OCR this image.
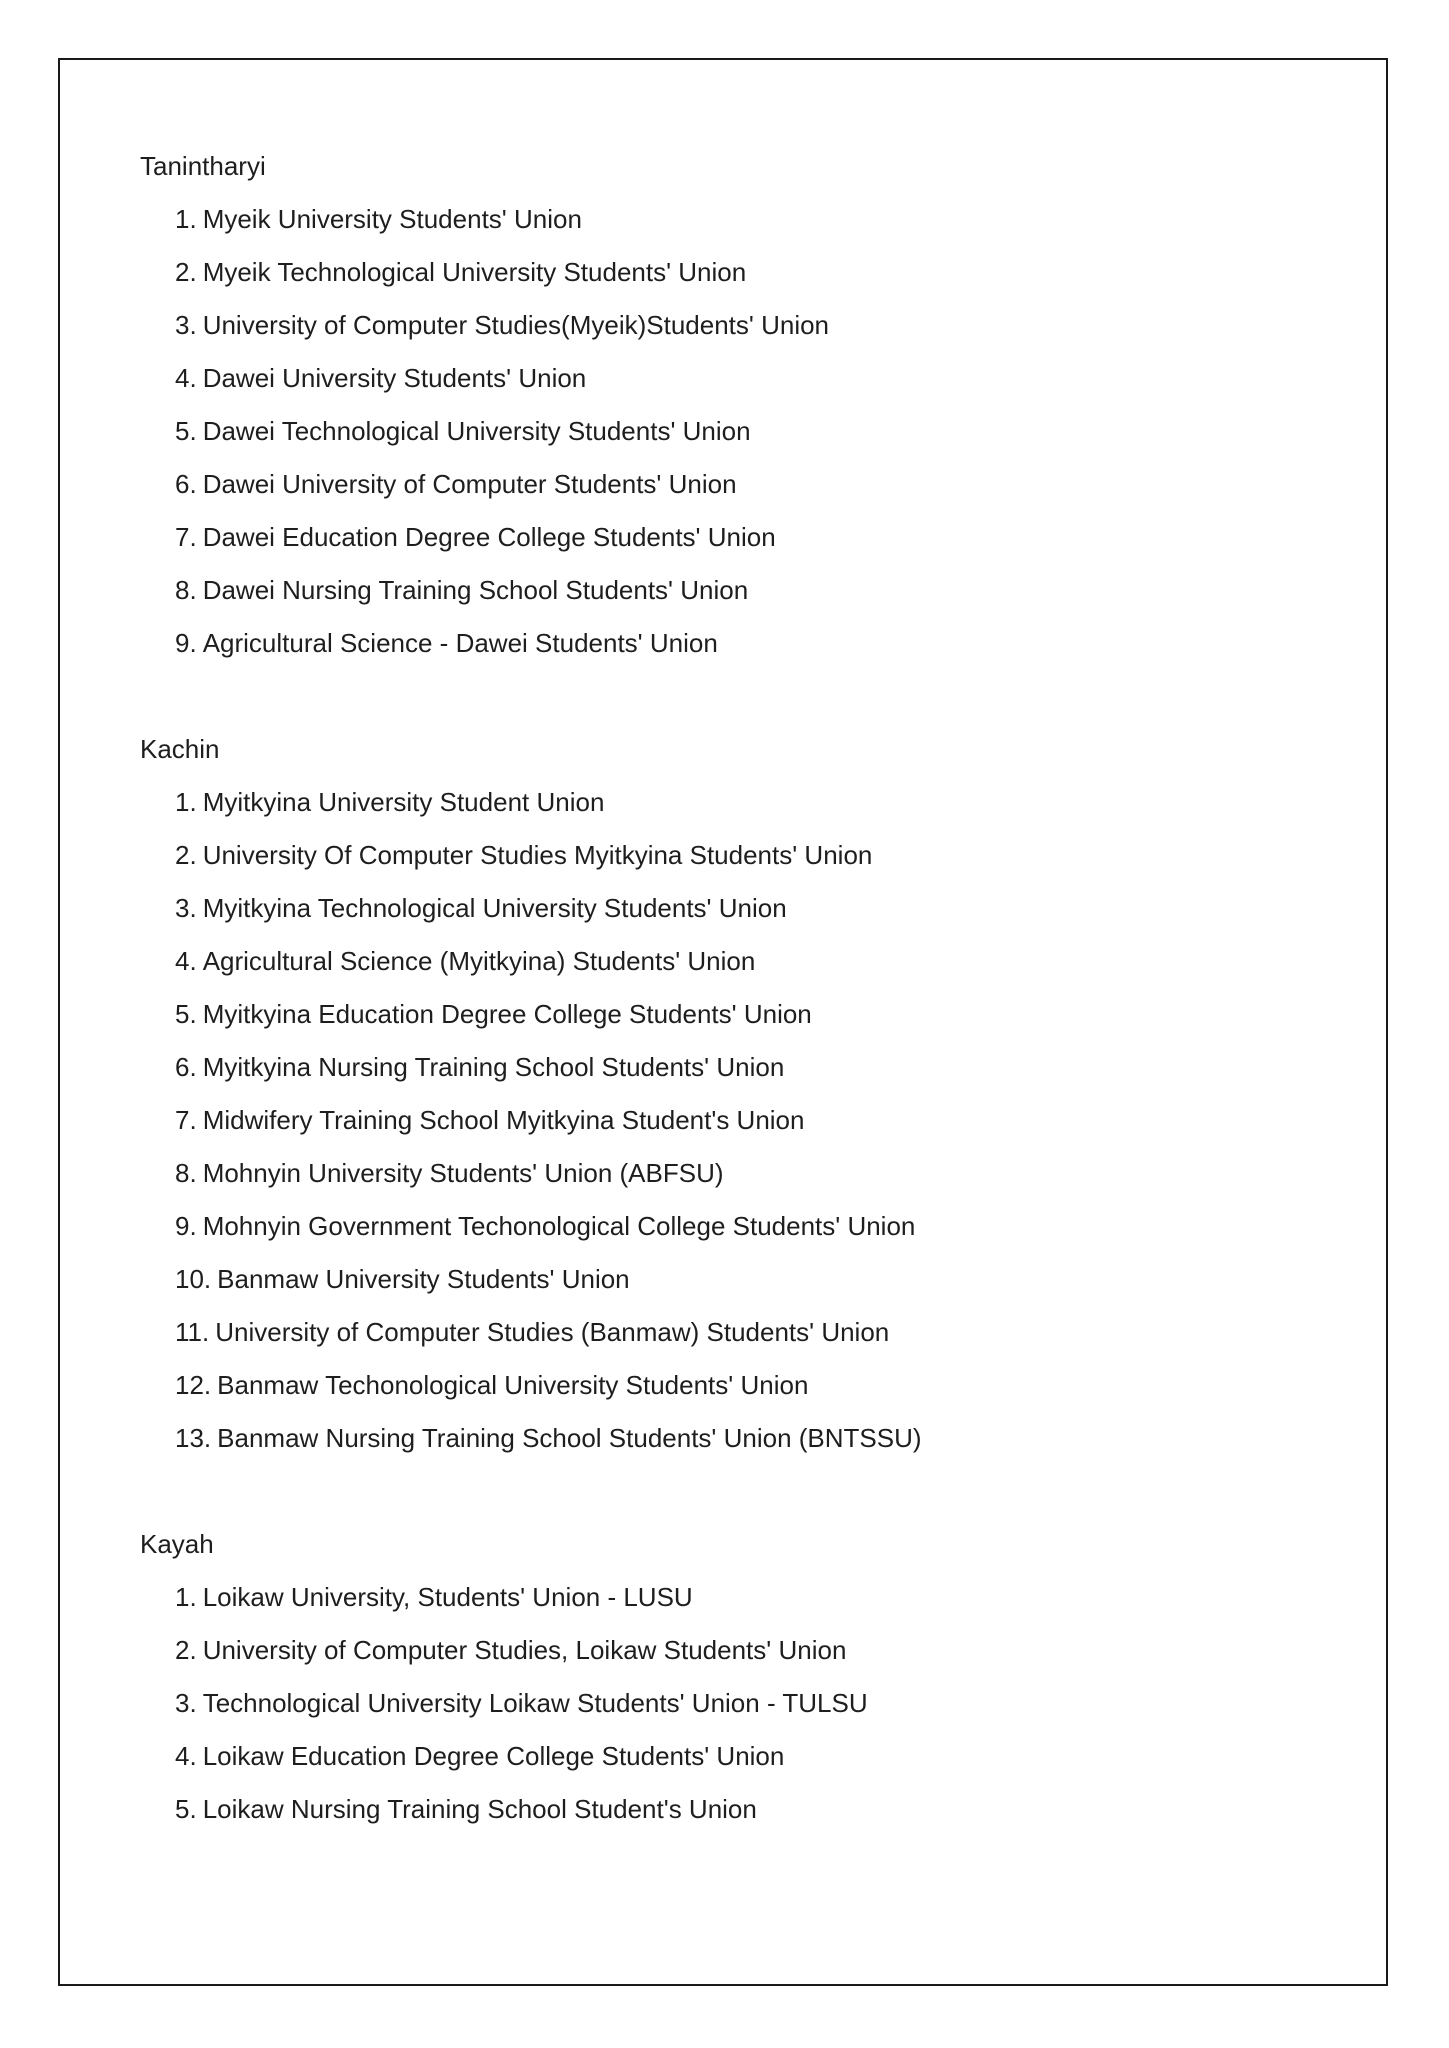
Tanintharyi
1. Myeik University Students' Union
2. Myeik Technological University Students' Union
3. University of Computer Studies(Myeik)Students' Union
4. Dawei University Students' Union
5. Dawei Technological University Students' Union
6. Dawei University of Computer Students' Union
7. Dawei Education Degree College Students' Union
8. Dawei Nursing Training School Students' Union
9. Agricultural Science - Dawei Students' Union
Kachin
1. Myitkyina University Student Union
2. University Of Computer Studies Myitkyina Students' Union
3. Myitkyina Technological University Students' Union
4. Agricultural Science (Myitkyina) Students' Union
5. Myitkyina Education Degree College Students' Union
6. Myitkyina Nursing Training School Students' Union
7. Midwifery Training School Myitkyina Student's Union
8. Mohnyin University Students' Union (ABFSU)
9. Mohnyin Government Techonological College Students' Union
10. Banmaw University Students' Union
11. University of Computer Studies (Banmaw) Students' Union
12. Banmaw Techonological University Students' Union
13. Banmaw Nursing Training School Students' Union (BNTSSU)
Kayah
1. Loikaw University, Students' Union - LUSU
2. University of Computer Studies, Loikaw Students' Union
3. Technological University Loikaw Students' Union - TULSU
4. Loikaw Education Degree College Students' Union
5. Loikaw Nursing Training School Student's Union
